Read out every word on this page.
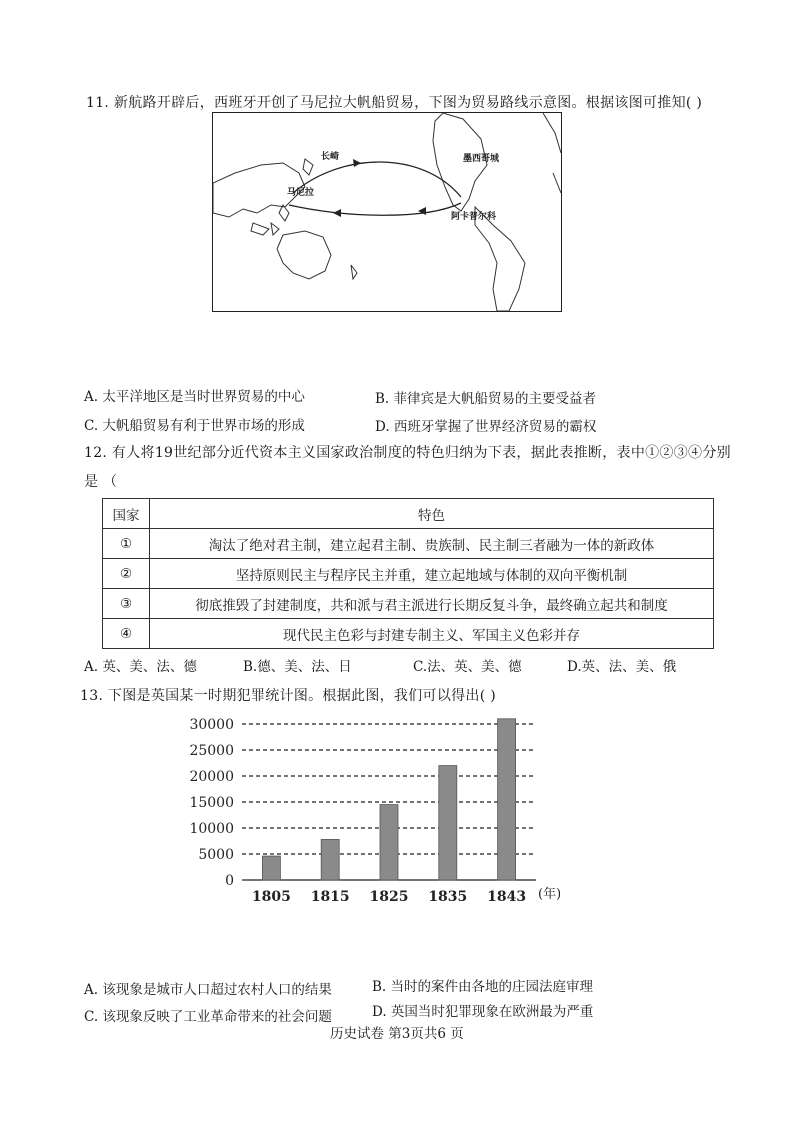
11. 新航路开辟后，西班牙开创了马尼拉大帆船贸易，下图为贸易路线示意图。根据该图可推知( )
长崎	墨西哥城
马尼拉
阿卡普尔科
A. 太平洋地区是当时世界贸易的中心	B. 菲律宾是大帆船贸易的主要受益者
C. 大帆船贸易有利于世界市场的形成	D. 西班牙掌握了世界经济贸易的霸权
12. 有人将19世纪部分近代资本主义国家政治制度的特色归纳为下表，据此表推断，表中①②③④分别
是 （
国家	特色
①	淘汰了绝对君主制，建立起君主制、贵族制、民主制三者融为一体的新政体
②	坚持原则民主与程序民主并重，建立起地域与体制的双向平衡机制
③	彻底推毁了封建制度，共和派与君主派进行长期反复斗争，最终确立起共和制度
④	现代民主色彩与封建专制主义、军国主义色彩并存
A. 英、美、法、德	B.德、美、法、日	C.法、英、美、德	D.英、法、美、俄
13. 下图是英国某一时期犯罪统计图。根据此图，我们可以得出( )
0
5000
10000
15000
20000
25000
30000
1805 1815 1825 1835 1843 (年)
A. 该现象是城市人口超过农村人口的结果	B. 当时的案件由各地的庄园法庭审理
C. 该现象反映了工业革命带来的社会问题	D. 英国当时犯罪现象在欧洲最为严重
历史试卷 第3页共6 页
